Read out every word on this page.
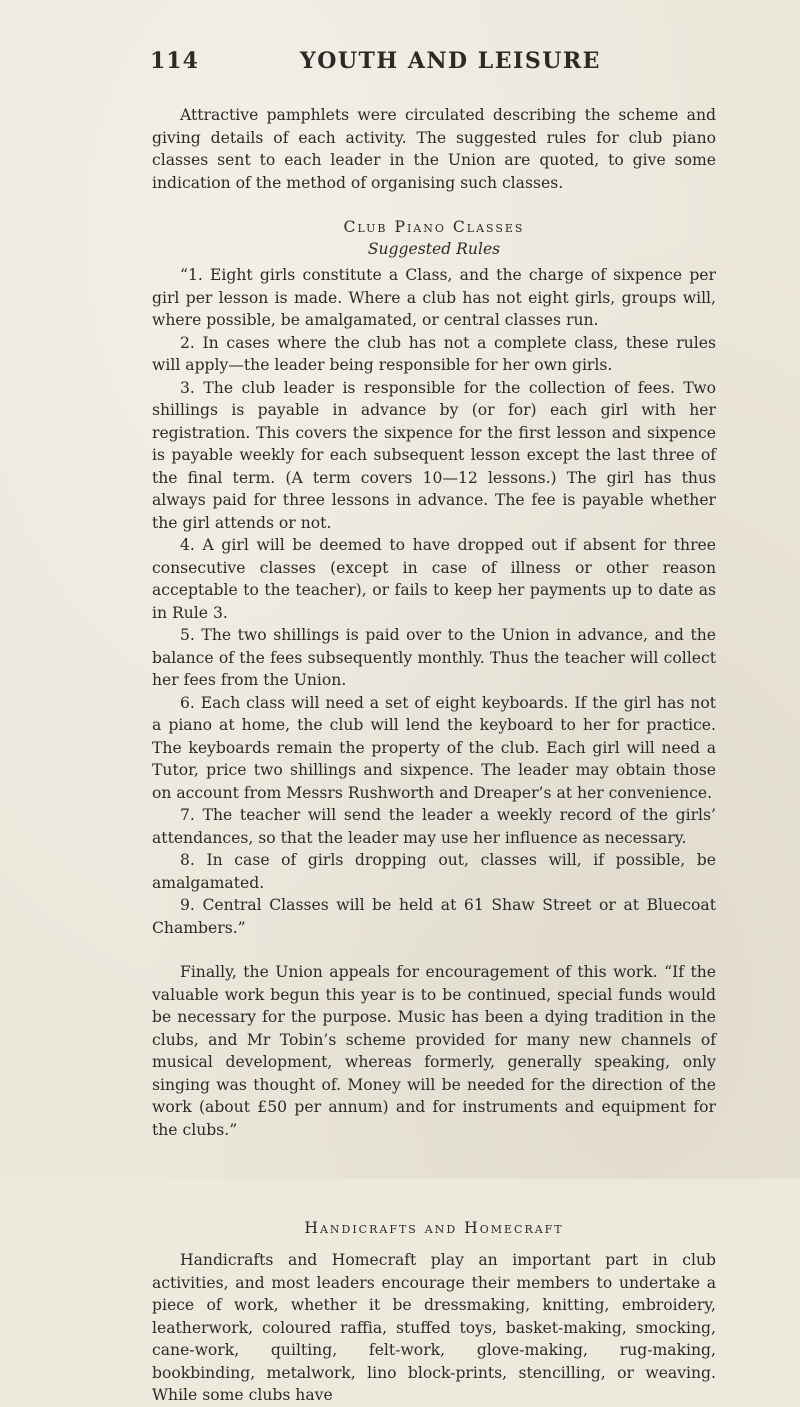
114	YOUTH AND LEISURE

Attractive pamphlets were circulated describing the scheme and giving details of each activity. The suggested rules for club piano classes sent to each leader in the Union are quoted, to give some indication of the method of organising such classes.

Club Piano Classes
Suggested Rules

“1. Eight girls constitute a Class, and the charge of sixpence per girl per lesson is made. Where a club has not eight girls, groups will, where possible, be amalgamated, or central classes run.

2. In cases where the club has not a complete class, these rules will apply—the leader being responsible for her own girls.

3. The club leader is responsible for the collection of fees. Two shillings is payable in advance by (or for) each girl with her registration. This covers the sixpence for the first lesson and sixpence is payable weekly for each subsequent lesson except the last three of the final term. (A term covers 10—12 lessons.) The girl has thus always paid for three lessons in advance. The fee is payable whether the girl attends or not.

4. A girl will be deemed to have dropped out if absent for three consecutive classes (except in case of illness or other reason acceptable to the teacher), or fails to keep her payments up to date as in Rule 3.

5. The two shillings is paid over to the Union in advance, and the balance of the fees subsequently monthly. Thus the teacher will collect her fees from the Union.

6. Each class will need a set of eight keyboards. If the girl has not a piano at home, the club will lend the keyboard to her for practice. The keyboards remain the property of the club. Each girl will need a Tutor, price two shillings and sixpence. The leader may obtain those on account from Messrs Rushworth and Dreaper’s at her convenience.

7. The teacher will send the leader a weekly record of the girls’ attendances, so that the leader may use her influence as necessary.

8. In case of girls dropping out, classes will, if possible, be amalgamated.

9. Central Classes will be held at 61 Shaw Street or at Bluecoat Chambers.”

Finally, the Union appeals for encouragement of this work. “If the valuable work begun this year is to be continued, special funds would be necessary for the purpose. Music has been a dying tradition in the clubs, and Mr Tobin’s scheme provided for many new channels of musical development, whereas formerly, generally speaking, only singing was thought of. Money will be needed for the direction of the work (about £50 per annum) and for instruments and equipment for the clubs.”

Handicrafts and Homecraft

Handicrafts and Homecraft play an important part in club activities, and most leaders encourage their members to undertake a piece of work, whether it be dressmaking, knitting, embroidery, leatherwork, coloured raffia, stuffed toys, basket-making, smocking, cane-work, quilting, felt-work, glove-making, rug-making, bookbinding, metalwork, lino block-prints, stencilling, or weaving. While some clubs have
